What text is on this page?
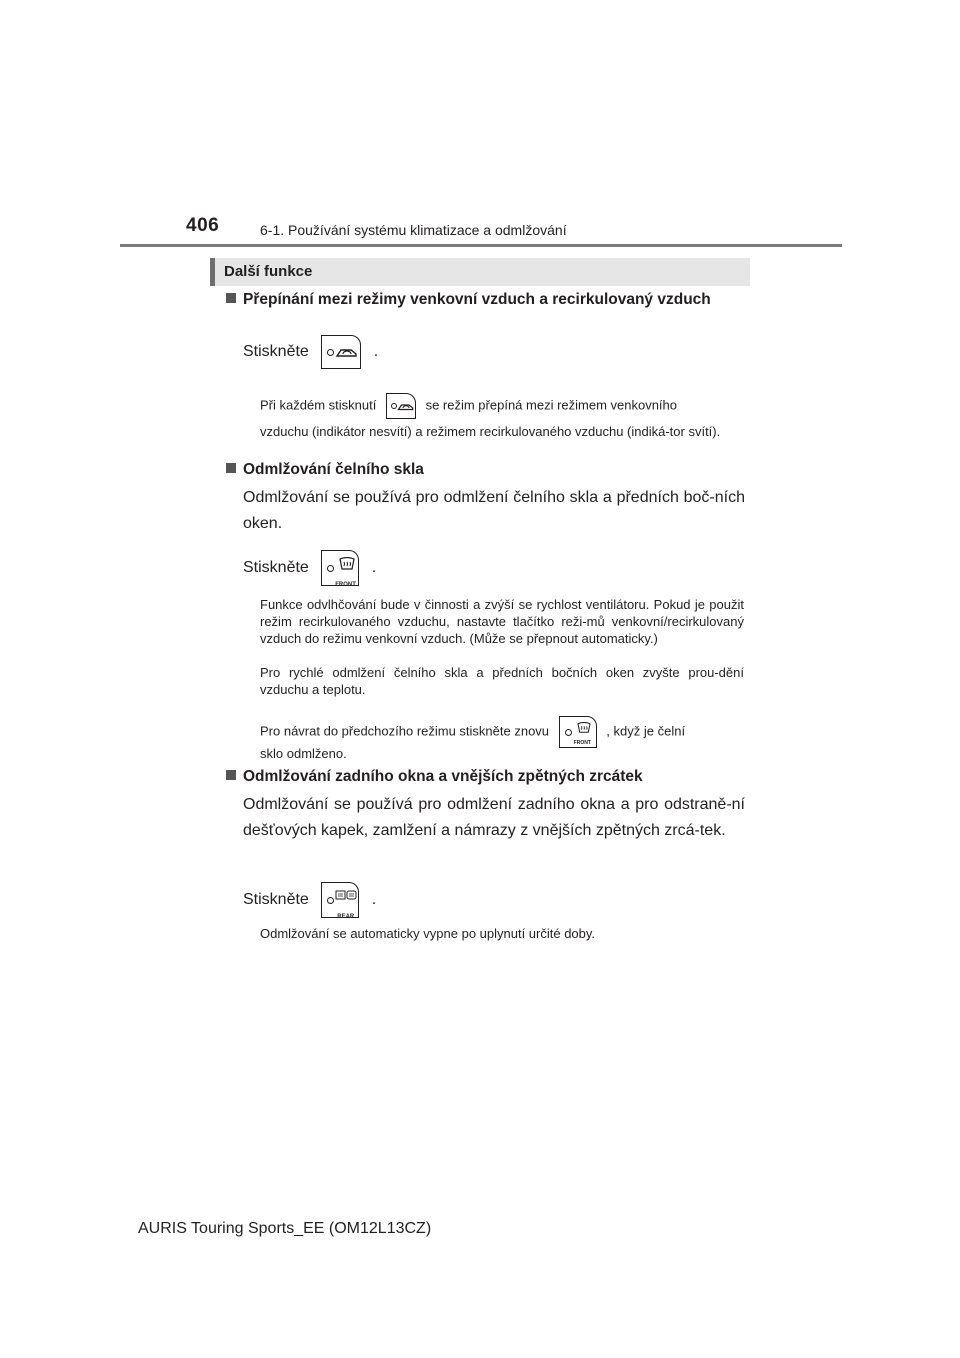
406	6-1. Používání systému klimatizace a odmlžování
Další funkce
Přepínání mezi režimy venkovní vzduch a recirkulovaný vzduch
Stiskněte	.
Při každém stisknutí	se režim přepíná mezi režimem venkovního
vzduchu (indikátor nesvítí) a režimem recirkulovaného vzduchu (indiká-tor svítí).
Odmlžování čelního skla
Odmlžování se používá pro odmlžení čelního skla a předních boč-ních oken.
Stiskněte
FRONT
.
Funkce odvlhčování bude v činnosti a zvýší se rychlost ventilátoru. Pokud je použit režim recirkulovaného vzduchu, nastavte tlačítko reži-mů venkovní/recirkulovaný vzduch do režimu venkovní vzduch. (Může se přepnout automaticky.)
Pro rychlé odmlžení čelního skla a předních bočních oken zvyšte prou-dění vzduchu a teplotu.
Pro návrat do předchozího režimu stiskněte znovu
FRONT
, když je čelní
sklo odmlženo.
Odmlžování zadního okna a vnějších zpětných zrcátek
Odmlžování se používá pro odmlžení zadního okna a pro odstraně-ní dešťových kapek, zamlžení a námrazy z vnějších zpětných zrcá-tek.
Stiskněte
REAR
.
Odmlžování se automaticky vypne po uplynutí určité doby.
AURIS Touring Sports_EE (OM12L13CZ)
